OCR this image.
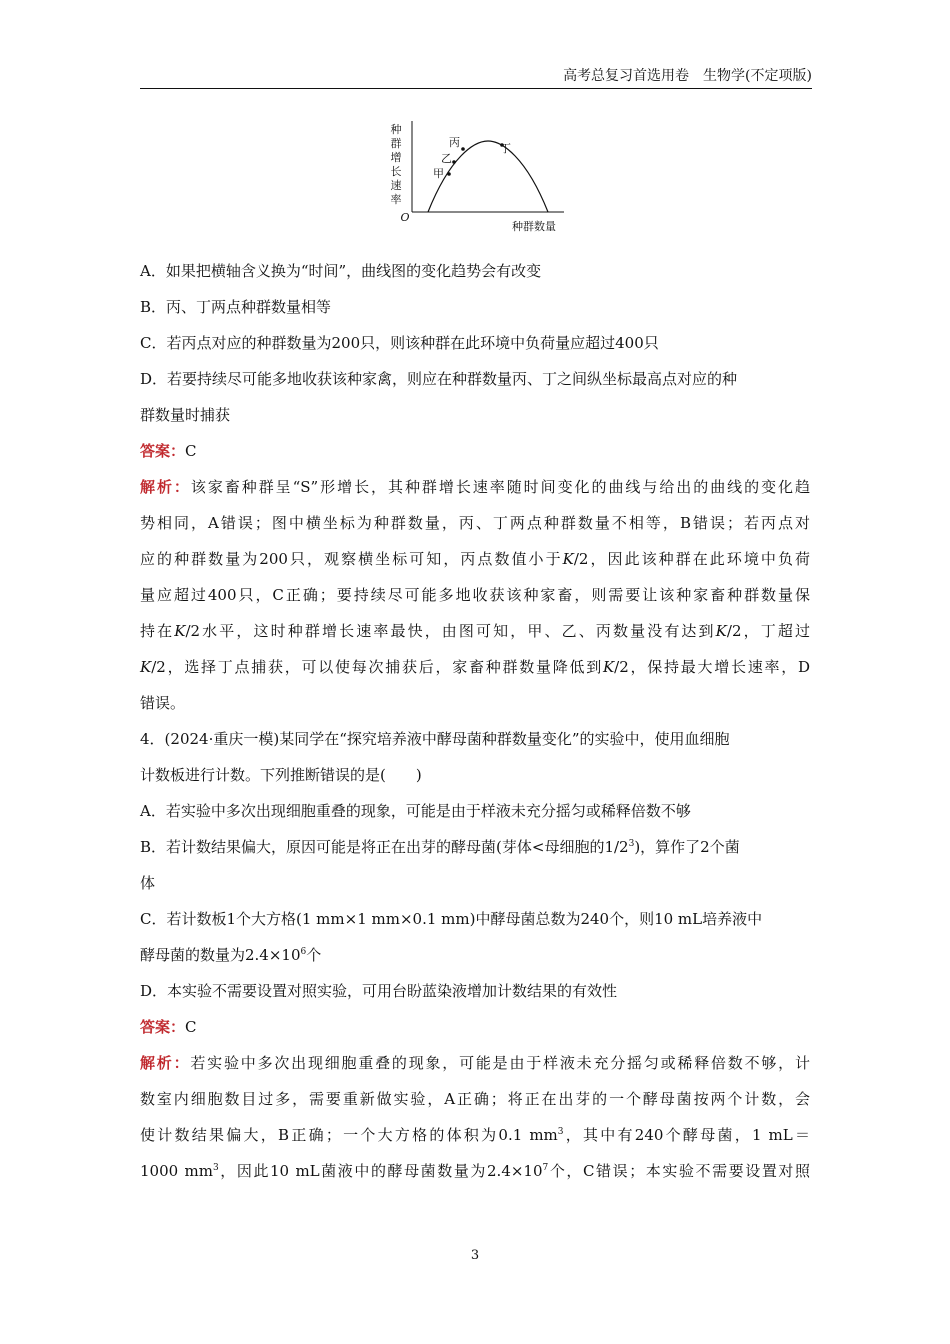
高考总复习首选用卷　生物学(不定项版)
种
群
增
长
速
率
O
甲
乙
丙	丁
种群数量
A．如果把横轴含义换为“时间”，曲线图的变化趋势会有改变
B．丙、丁两点种群数量相等
C．若丙点对应的种群数量为200只，则该种群在此环境中负荷量应超过400只
D．若要持续尽可能多地收获该种家禽，则应在种群数量丙、丁之间纵坐标最高点对应的种
群数量时捕获
答案：C
解析：该家畜种群呈“S”形增长，其种群增长速率随时间变化的曲线与给出的曲线的变化趋
势相同，A错误；图中横坐标为种群数量，丙、丁两点种群数量不相等，B错误；若丙点对
应的种群数量为200只，观察横坐标可知，丙点数值小于K/2，因此该种群在此环境中负荷
量应超过400只，C正确；要持续尽可能多地收获该种家畜，则需要让该种家畜种群数量保
持在K/2水平，这时种群增长速率最快，由图可知，甲、乙、丙数量没有达到K/2，丁超过
K/2，选择丁点捕获，可以使每次捕获后，家畜种群数量降低到K/2，保持最大增长速率，D
错误。
4．(2024·重庆一模)某同学在“探究培养液中酵母菌种群数量变化”的实验中，使用血细胞
计数板进行计数。下列推断错误的是(　　)
A．若实验中多次出现细胞重叠的现象，可能是由于样液未充分摇匀或稀释倍数不够
B．若计数结果偏大，原因可能是将正在出芽的酵母菌(芽体<母细胞的$1/2^3$)，算作了2个菌
体
C．若计数板1个大方格(1 mm×1 mm×0.1 mm)中酵母菌总数为240个，则10 mL培养液中
酵母菌的数量为$2.4\times 10^6$个
D．本实验不需要设置对照实验，可用台盼蓝染液增加计数结果的有效性
答案：C
解析：若实验中多次出现细胞重叠的现象，可能是由于样液未充分摇匀或稀释倍数不够，计
数室内细胞数目过多，需要重新做实验，A正确；将正在出芽的一个酵母菌按两个计数，会
使计数结果偏大，B正确；一个大方格的体积为0.1 $mm^3$，其中有240个酵母菌，1 mL＝
1000 $mm^3$，因此10 mL菌液中的酵母菌数量为$2.4\times 10^7$个，C错误；本实验不需要设置对照
3
